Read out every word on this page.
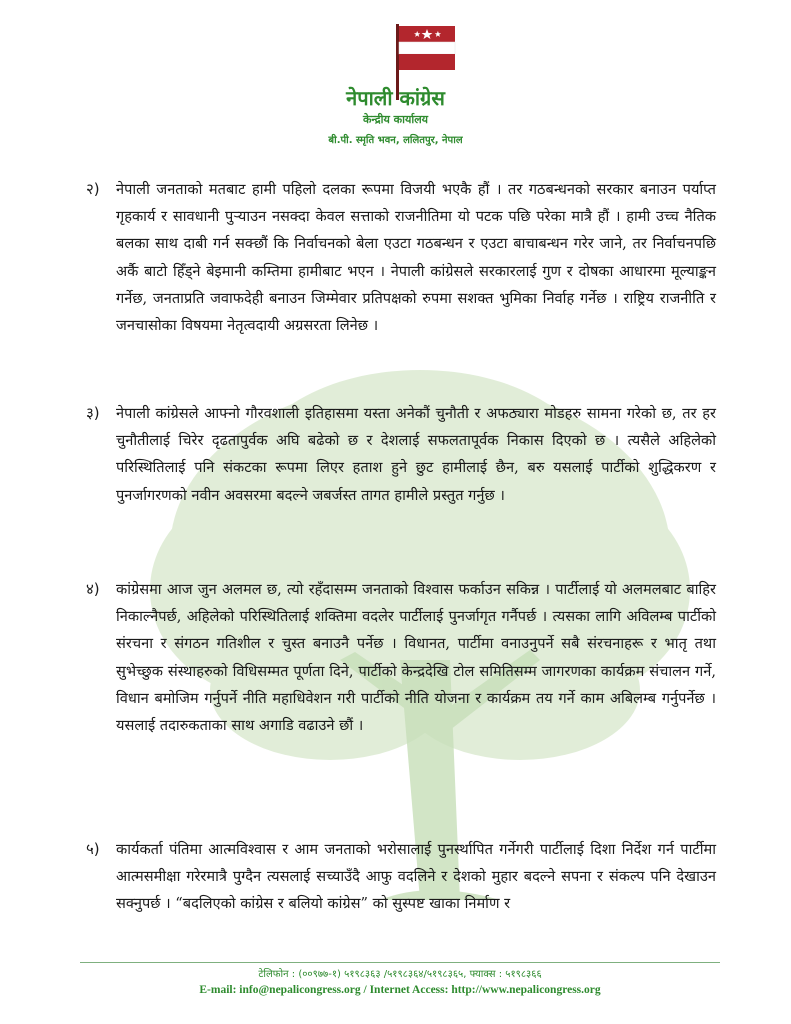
नेपाली कांग्रेस
केन्द्रीय कार्यालय
बी.पी. स्मृति भवन, ललितपुर, नेपाल
२) नेपाली जनताको मतबाट हामी पहिलो दलका रूपमा विजयी भएकै हौं । तर गठबन्धनको सरकार बनाउन पर्याप्त गृहकार्य र सावधानी पुऱ्याउन नसक्दा केवल सत्ताको राजनीतिमा यो पटक पछि परेका मात्रै हौं । हामी उच्च नैतिक बलका साथ दाबी गर्न सक्छौं कि निर्वाचनको बेला एउटा गठबन्धन र एउटा बाचाबन्धन गरेर जाने, तर निर्वाचनपछि अर्कै बाटो हिँड्ने बेइमानी कम्तिमा हामीबाट भएन । नेपाली कांग्रेसले सरकारलाई गुण र दोषका आधारमा मूल्याङ्कन गर्नेछ, जनताप्रति जवाफदेही बनाउन जिम्मेवार प्रतिपक्षको रुपमा सशक्त भुमिका निर्वाह गर्नेछ । राष्ट्रिय राजनीति र जनचासोका विषयमा नेतृत्वदायी अग्रसरता लिनेछ ।
३) नेपाली कांग्रेसले आफ्नो गौरवशाली इतिहासमा यस्ता अनेकौं चुनौती र अफठ्यारा मोडहरु सामना गरेको छ, तर हर चुनौतीलाई चिरेर दृढतापुर्वक अघि बढेको छ र देशलाई सफलतापूर्वक निकास दिएको छ । त्यसैले अहिलेको परिस्थितिलाई पनि संकटका रूपमा लिएर हताश हुने छुट हामीलाई छैन, बरु यसलाई पार्टीको शुद्धिकरण र पुनर्जागरणको नवीन अवसरमा बदल्ने जबर्जस्त तागत हामीले प्रस्तुत गर्नुछ ।
४) कांग्रेसमा आज जुन अलमल छ, त्यो रहँदासम्म जनताको विश्वास फर्काउन सकिन्न । पार्टीलाई यो अलमलबाट बाहिर निकाल्नैपर्छ, अहिलेको परिस्थितिलाई शक्तिमा वदलेर पार्टीलाई पुनर्जागृत गर्नैपर्छ । त्यसका लागि अविलम्ब पार्टीको संरचना र संगठन गतिशील र चुस्त बनाउनै पर्नेछ । विधानत, पार्टीमा वनाउनुपर्ने सबै संरचनाहरू र भातृ तथा सुभेच्छुक संस्थाहरुको विधिसम्मत पूर्णता दिने, पार्टीको केन्द्रदेखि टोल समितिसम्म जागरणका कार्यक्रम संचालन गर्ने, विधान बमोजिम गर्नुपर्ने नीति महाधिवेशन गरी पार्टीको नीति योजना र कार्यक्रम तय गर्ने काम अबिलम्ब गर्नुपर्नेछ । यसलाई तदारुकताका साथ अगाडि वढाउने छौं ।
५) कार्यकर्ता पंतिमा आत्मविश्वास र आम जनताको भरोसालाई पुनर्स्थापित गर्नेगरी पार्टीलाई दिशा निर्देश गर्न पार्टीमा आत्मसमीक्षा गरेरमात्रै पुग्दैन त्यसलाई सच्याउँदै आफु वदलिने र देशको मुहार बदल्ने सपना र संकल्प पनि देखाउन सक्नुपर्छ । “बदलिएको कांग्रेस र बलियो कांग्रेस” को सुस्पष्ट खाका निर्माण र
टेलिफोन : (००९७७-१) ५१९८३६३ /५१९८३६४/५१९८३६५, फ्याक्स : ५१९८३६६
E-mail: info@nepalicongress.org / Internet Access: http://www.nepalicongress.org
